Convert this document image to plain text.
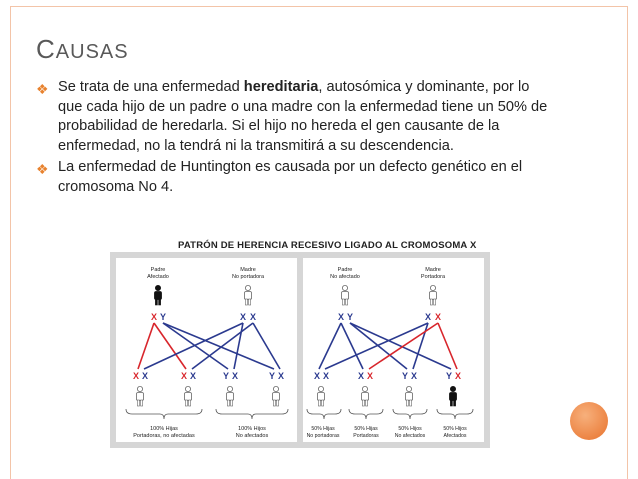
CAUSAS
❖ Se trata de una enfermedad hereditaria, autosómica y dominante, por lo que cada hijo de un padre o una madre con la enfermedad tiene un 50% de probabilidad de heredarla. Si el hijo no hereda el gen causante de la enfermedad, no la tendrá ni la transmitirá a su descendencia.
❖ La enfermedad de Huntington es causada por un defecto genético en el cromosoma No 4.
PATRÓN DE HERENCIA RECESIVO LIGADO AL CROMOSOMA X
Padre
Afectado
Madre
No portadora
X Y	X X
X X	X X	Y X	Y X
100% Hijas
Portadoras, no afectadas
100% Hijos
No afectados
Padre
No afectado
Madre
Portadora
X Y	X X
X X	X X	Y X	Y X
50% Hijas
No portadoras
50% Hijas
Portadoras
50% Hijos
No afectados
50% Hijos
Afectados
